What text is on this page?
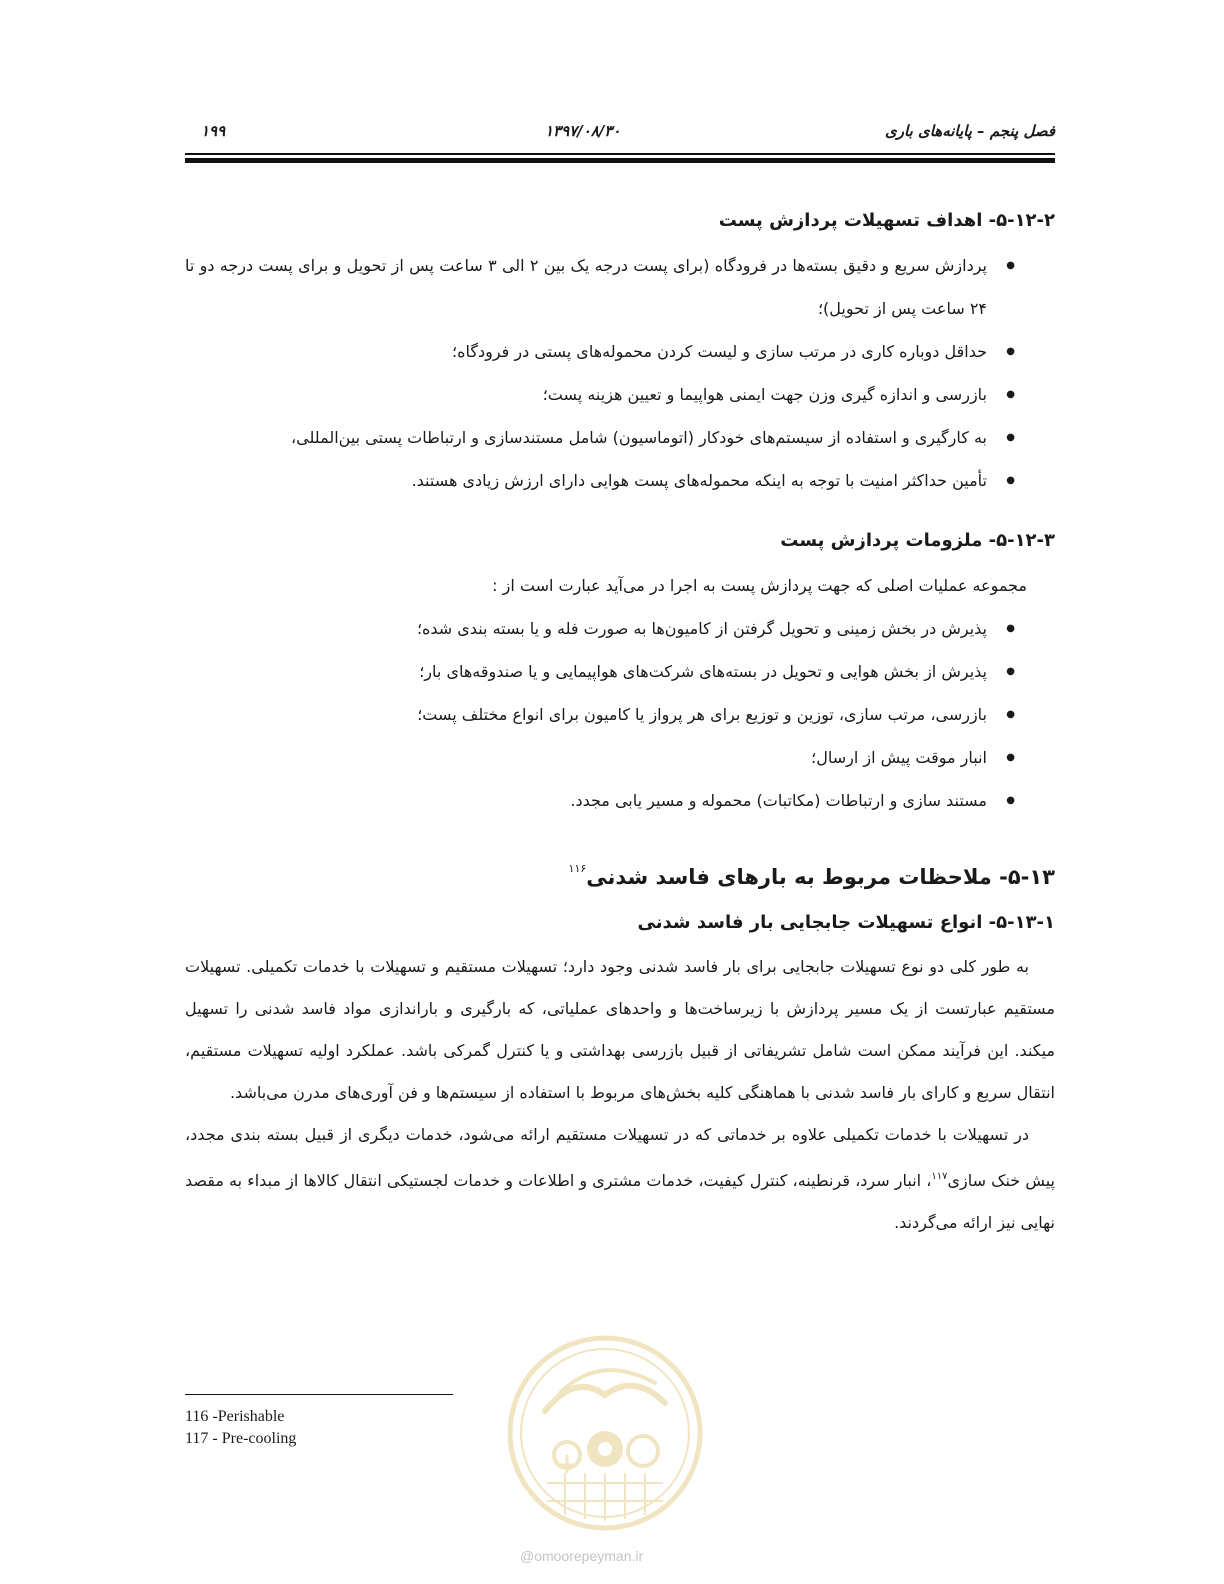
فصل پنجم – پایانه‌های باری
۱۳۹۷/۰۸/۳۰
۱۹۹
۵-۱۲-۲- اهداف تسهیلات پردازش پست
● پردازش سریع و دقیق بسته‌ها در فرودگاه (برای پست درجه یک بین ۲ الی ۳ ساعت پس از تحویل و برای پست درجه دو تا ۲۴ ساعت پس از تحویل)؛
● حداقل دوباره کاری در مرتب سازی و لیست کردن محموله‌های پستی در فرودگاه؛
● بازرسی و اندازه گیری وزن جهت ایمنی هواپیما و تعیین هزینه پست؛
● به کارگیری و استفاده از سیستم‌های خودکار (اتوماسیون) شامل مستندسازی و ارتباطات پستی بین‌المللی،
● تأمین حداکثر امنیت با توجه به اینکه محموله‌های پست هوایی دارای ارزش زیادی هستند.
۵-۱۲-۳- ملزومات پردازش پست

مجموعه عملیات اصلی که جهت پردازش پست به اجرا در می‌آید عبارت است از :

● پذیرش در بخش زمینی و تحویل گرفتن از کامیون‌ها به صورت فله و یا بسته بندی شده؛
● پذیرش از بخش هوایی و تحویل در بسته‌های شرکت‌های هواپیمایی و یا صندوقه‌های بار؛
● بازرسی، مرتب سازی، توزین و توزیع برای هر پرواز یا کامیون برای انواع مختلف پست؛
● انبار موقت پیش از ارسال؛
● مستند سازی و ارتباطات (مکاتبات) محموله و مسیر یابی مجدد.
۵-۱۳- ملاحظات مربوط به بارهای فاسد شدنی$^{۱۱۶}$
۵-۱۳-۱- انواع تسهیلات جابجایی بار فاسد شدنی

به طور کلی دو نوع تسهیلات جابجایی برای بار فاسد شدنی وجود دارد؛ تسهیلات مستقیم و تسهیلات با خدمات تکمیلی. تسهیلات مستقیم عبارتست از یک مسیر پردازش با زیرساخت‌ها و واحدهای عملیاتی، که بارگیری و باراندازی مواد فاسد شدنی را تسهیل میکند. این فرآیند ممکن است شامل تشریفاتی از قبیل بازرسی بهداشتی و یا کنترل گمرکی باشد. عملکرد اولیه تسهیلات مستقیم، انتقال سریع و کارای بار فاسد شدنی با هماهنگی کلیه بخش‌های مربوط با استفاده از سیستم‌ها و فن آوری‌های مدرن می‌باشد.

در تسهیلات با خدمات تکمیلی علاوه بر خدماتی که در تسهیلات مستقیم ارائه می‌شود، خدمات دیگری از قبیل بسته بندی مجدد، پیش خنک سازی$^{۱۱۷}$، انبار سرد، قرنطینه، کنترل کیفیت، خدمات مشتری و اطلاعات و خدمات لجستیکی انتقال کالاها از مبداء به مقصد نهایی نیز ارائه می‌گردند.

116 -Perishable
117 - Pre-cooling
@omoorepeyman.ir
